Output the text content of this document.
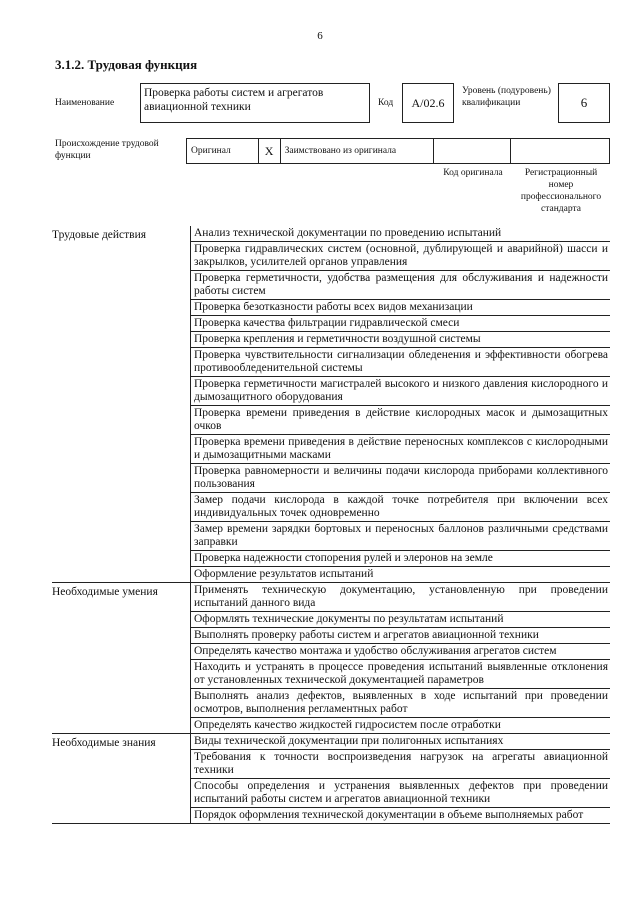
6
3.1.2. Трудовая функция
Наименование
Проверка работы систем и агрегатов авиационной техники	Код	A/02.6
Уровень (подуровень) квалификации	6
Происхождение трудовой функции	Оригинал	X	Заимствовано из оригинала
Код оригинала	Регистрационный номер профессионального стандарта
Трудовые действия	Анализ технической документации по проведению испытаний
Проверка гидравлических систем (основной, дублирующей и аварийной) шасси и закрылков, усилителей органов управления
Проверка герметичности, удобства размещения для обслуживания и надежности работы систем
Проверка безотказности работы всех видов механизации
Проверка качества фильтрации гидравлической смеси
Проверка крепления и герметичности воздушной системы
Проверка чувствительности сигнализации обледенения и эффективности обогрева противообледенительной системы
Проверка герметичности магистралей высокого и низкого давления кислородного и дымозащитного оборудования
Проверка времени приведения в действие кислородных масок и дымозащитных очков
Проверка времени приведения в действие переносных комплексов с кислородными и дымозащитными масками
Проверка равномерности и величины подачи кислорода приборами коллективного пользования
Замер подачи кислорода в каждой точке потребителя при включении всех индивидуальных точек одновременно
Замер времени зарядки бортовых и переносных баллонов различными средствами заправки
Проверка надежности стопорения рулей и элеронов на земле
Оформление результатов испытаний
Необходимые умения	Применять техническую документацию, установленную при проведении испытаний данного вида
Оформлять технические документы по результатам испытаний
Выполнять проверку работы систем и агрегатов авиационной техники
Определять качество монтажа и удобство обслуживания агрегатов систем
Находить и устранять в процессе проведения испытаний выявленные отклонения от установленных технической документацией параметров
Выполнять анализ дефектов, выявленных в ходе испытаний при проведении осмотров, выполнения регламентных работ
Определять качество жидкостей гидросистем после отработки
Необходимые знания	Виды технической документации при полигонных испытаниях
Требования к точности воспроизведения нагрузок на агрегаты авиационной техники
Способы определения и устранения выявленных дефектов при проведении испытаний работы систем и агрегатов авиационной техники
Порядок оформления технической документации в объеме выполняемых работ
